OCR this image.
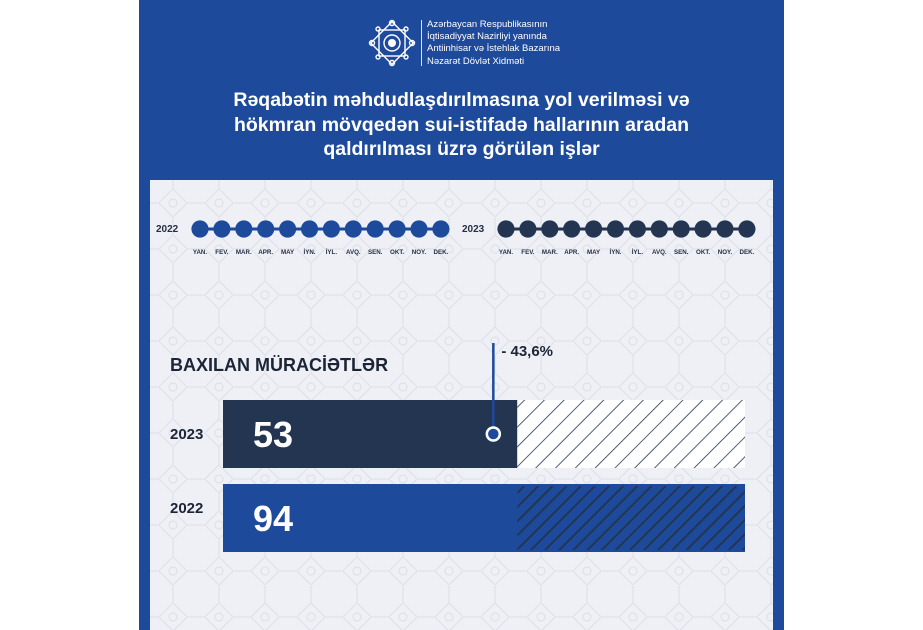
Azərbaycan Respublikasının
İqtisadiyyat Nazirliyi yanında
Antiinhisar və İstehlak Bazarına
Nəzarət Dövlət Xidməti
Rəqabətin məhdudlaşdırılmasına yol verilməsi və
hökmran mövqedən sui-istifadə hallarının aradan
qaldırılması üzrə görülən işlər
2022
YAN.	FEV.	MAR.	APR.	MAY	İYN.	İYL.	AVQ.	SEN.	OKT.	NOY.	DEK.
2023
YAN.	FEV.	MAR.	APR.	MAY	İYN.	İYL.	AVQ.	SEN.	OKT.	NOY.	DEK.
BAXILAN MÜRACİƏTLƏR
53
94
- 43,6%
2023
2022
